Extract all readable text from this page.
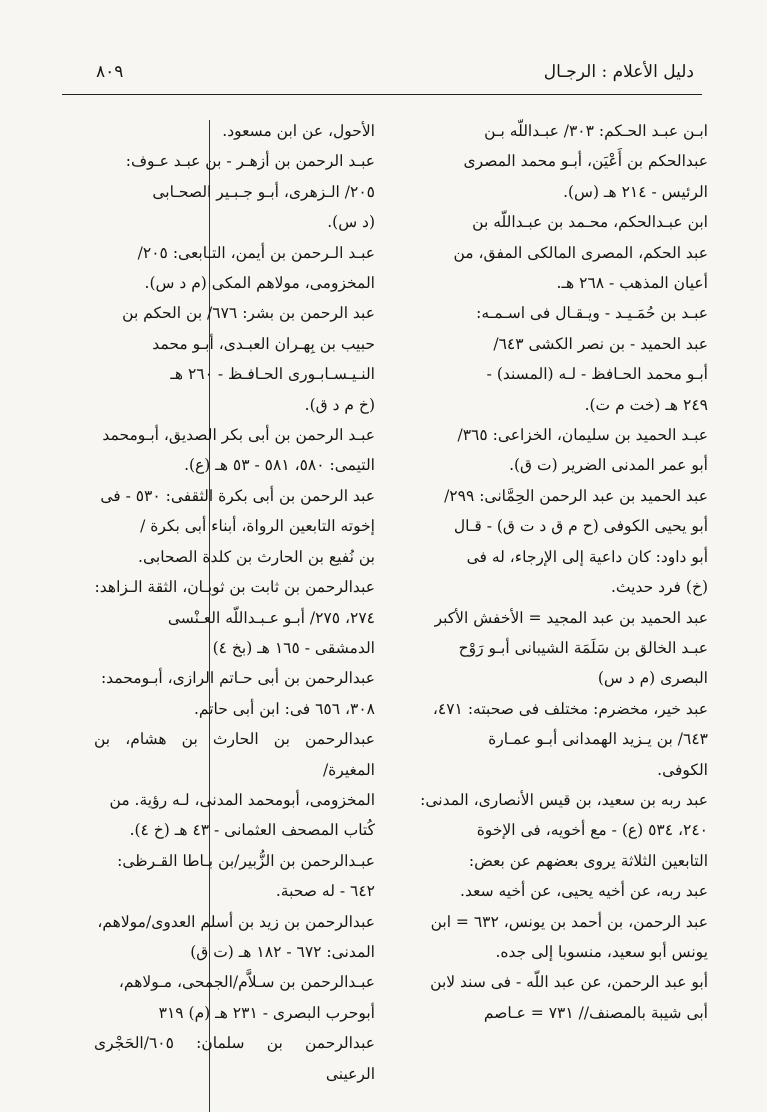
٨٠٩	دليل الأعلام : الرجـال

ابـن عبـد الحـكم: ٣٠٣/ عبـداللّه بـن

عبدالحكم بن أَعْيَن، أبـو محمد المصرى

الرئيس - ٢١٤ هـ (س).

ابن عبـدالحكم، محـمد بن عبـداللّه بن

عبد الحكم، المصرى المالكى المفق، من

أعيان المذهب - ٢٦٨ هـ.

عبـد بن حُمَـيـد - ويـقـال فى اسـمـه:

عبد الحميد - بن نصر الكشى ٦٤٣/

أبـو محمد الحـافظ - لـه (المسند) -

٢٤٩ هـ (خت م ت).

عبـد الحميد بن سليمان، الخزاعى: ٣٦٥/

أبو عمر المدنى الضرير (ت ق).

عبد الحميد بن عبد الرحمن الحِمَّانى: ٢٩٩/

أبو يحيى الكوفى (ح م ق د ت ق) - قـال

أبو داود: كان داعية إلى الإرجاء، له فى

(خ) فرد حديث.

عبد الحميد بن عبد المجيد = الأخفش الأكبر

عبـد الخالق بن سَلَمَة الشيبانى أبـو رَوْح

البصرى (م د س)

عبد خير، مخضرم: مختلف فى صحبته: ٤٧١،

٦٤٣/ بن يـزيد الهمدانى أبـو عمـارة

الكوفى.

عبد ربه بن سعيد، بن قيس الأنصارى، المدنى:

٢٤٠، ٥٣٤ (ع) - مع أخويه، فى الإخوة

التابعين الثلاثة يروى بعضهم عن بعض:

عبد ربه، عن أخيه يحيى، عن أخيه سعد.

عبد الرحمن، بن أحمد بن يونس، ٦٣٢ = ابن

يونس أبو سعيد، منسوبا إلى جده.

أبو عبد الرحمن، عن عبد اللّه - فى سند لابن

أبى شيبة بالمصنف// ٧٣١ = عـاصم

الأحول، عن ابن مسعود.

عبـد الرحمن بن أزهـر - بن عبـد عـوف:

٢٠٥/ الـزهرى، أبـو جـبـير الصحـابى

(د س).

عبـد الـرحمن بن أيمن، التـابعى: ٢٠٥/

المخزومى، مولاهم المكى (م د س).

عبد الرحمن بن بشر: ٦٧٦/ بن الحكم بن

حبيب بن بِهـران العبـدى، أبـو محمد

النـيـسـابـورى الحـافـظ - ٢٦٠ هـ

(خ م د ق).

عبـد الرحمن بن أبى بكر الصديق، أبـومحمد

التيمى: ٥٨٠، ٥٨١ - ٥٣ هـ (ع).

عبد الرحمن بن أبى بكرة الثقفى: ٥٣٠ - فى

إخوته التابعين الرواة، أبناء أبى بكرة /

بن نُفيع بن الحارث بن كلدة الصحابى.

عبدالرحمن بن ثابت بن ثوبـان، الثقة الـزاهد:

٢٧٤، ٢٧٥/ أبـو عـبـداللّه العـنْسى

الدمشقى - ١٦٥ هـ (بخ ٤)

عبدالرحمن بن أبى حـاتم الرازى، أبـومحمد:

٣٠٨، ٦٥٦ فى: ابن أبى حاتم.

عبدالرحمن بن الحارث بن هشام، بن المغيرة/

المخزومى، أبومحمد المدنى، لـه رؤية. من

كُتاب المصحف العثمانى - ٤٣ هـ (خ ٤).

عبـدالرحمن بن الزُّبير/بن بـاطا القـرظى:

٦٤٢ - له صحبة.

عبدالرحمن بن زيد بن أسلم العدوى/مولاهم،

المدنى: ٦٧٢ - ١٨٢ هـ (ت ق)

عبـدالرحمن بن سـلاَّم/الجمحى، مـولاهم،

أبوحرب البصرى - ٢٣١ هـ (م) ٣١٩

عبدالرحمن بن سلمان: ٦٠٥/الحَجْرى الرعينى
